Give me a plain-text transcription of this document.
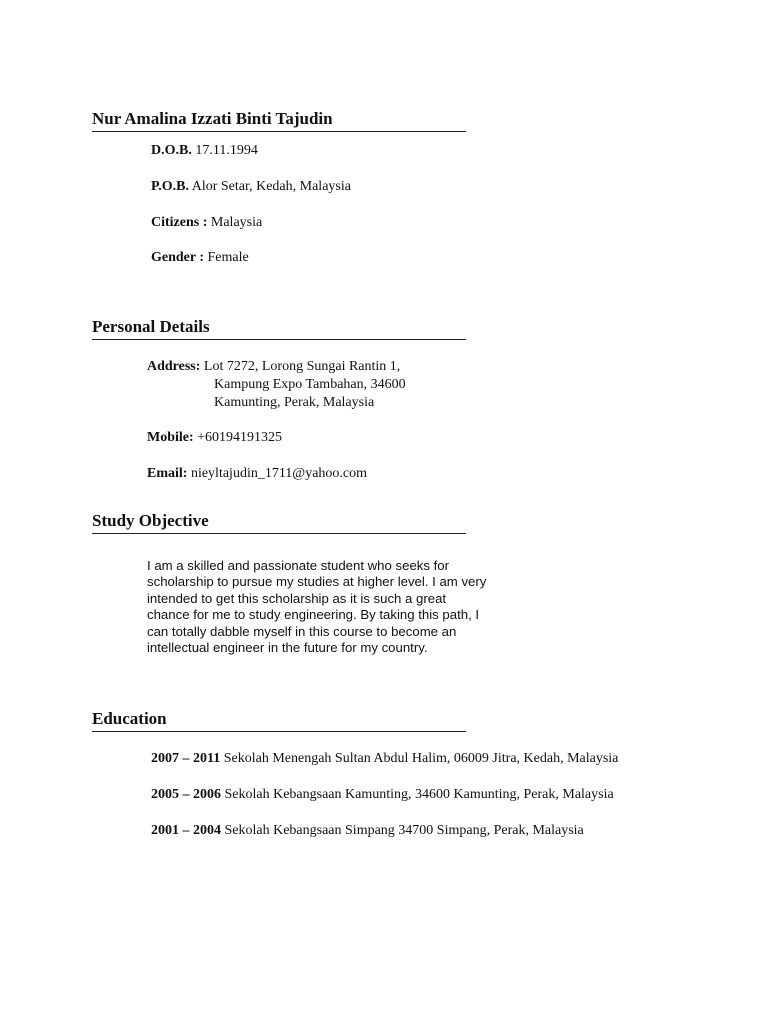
Nur Amalina Izzati Binti Tajudin
D.O.B. 17.11.1994
P.O.B. Alor Setar, Kedah, Malaysia
Citizens : Malaysia
Gender : Female
Personal Details
Address: Lot 7272, Lorong Sungai Rantin 1,
Kampung Expo Tambahan, 34600
Kamunting, Perak, Malaysia
Mobile: +60194191325
Email: nieyltajudin_1711@yahoo.com
Study Objective
I am a skilled and passionate student who seeks for scholarship to pursue my studies at higher level. I am very intended to get this scholarship as it is such a great chance for me to study engineering. By taking this path, I can totally dabble myself in this course to become an intellectual engineer in the future for my country.
Education
2007 – 2011 Sekolah Menengah Sultan Abdul Halim, 06009 Jitra, Kedah, Malaysia
2005 – 2006 Sekolah Kebangsaan Kamunting, 34600 Kamunting, Perak, Malaysia
2001 – 2004 Sekolah Kebangsaan Simpang 34700 Simpang, Perak, Malaysia
